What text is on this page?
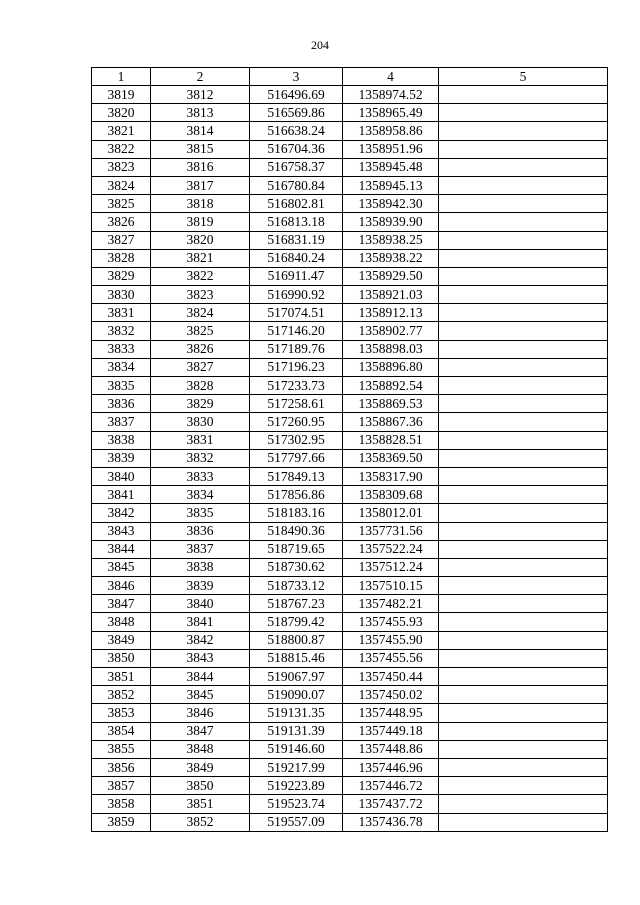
204
1	2	3	4	5
3819	3812	516496.69	1358974.52	
3820	3813	516569.86	1358965.49	
3821	3814	516638.24	1358958.86	
3822	3815	516704.36	1358951.96	
3823	3816	516758.37	1358945.48	
3824	3817	516780.84	1358945.13	
3825	3818	516802.81	1358942.30	
3826	3819	516813.18	1358939.90	
3827	3820	516831.19	1358938.25	
3828	3821	516840.24	1358938.22	
3829	3822	516911.47	1358929.50	
3830	3823	516990.92	1358921.03	
3831	3824	517074.51	1358912.13	
3832	3825	517146.20	1358902.77	
3833	3826	517189.76	1358898.03	
3834	3827	517196.23	1358896.80	
3835	3828	517233.73	1358892.54	
3836	3829	517258.61	1358869.53	
3837	3830	517260.95	1358867.36	
3838	3831	517302.95	1358828.51	
3839	3832	517797.66	1358369.50	
3840	3833	517849.13	1358317.90	
3841	3834	517856.86	1358309.68	
3842	3835	518183.16	1358012.01	
3843	3836	518490.36	1357731.56	
3844	3837	518719.65	1357522.24	
3845	3838	518730.62	1357512.24	
3846	3839	518733.12	1357510.15	
3847	3840	518767.23	1357482.21	
3848	3841	518799.42	1357455.93	
3849	3842	518800.87	1357455.90	
3850	3843	518815.46	1357455.56	
3851	3844	519067.97	1357450.44	
3852	3845	519090.07	1357450.02	
3853	3846	519131.35	1357448.95	
3854	3847	519131.39	1357449.18	
3855	3848	519146.60	1357448.86	
3856	3849	519217.99	1357446.96	
3857	3850	519223.89	1357446.72	
3858	3851	519523.74	1357437.72	
3859	3852	519557.09	1357436.78	
